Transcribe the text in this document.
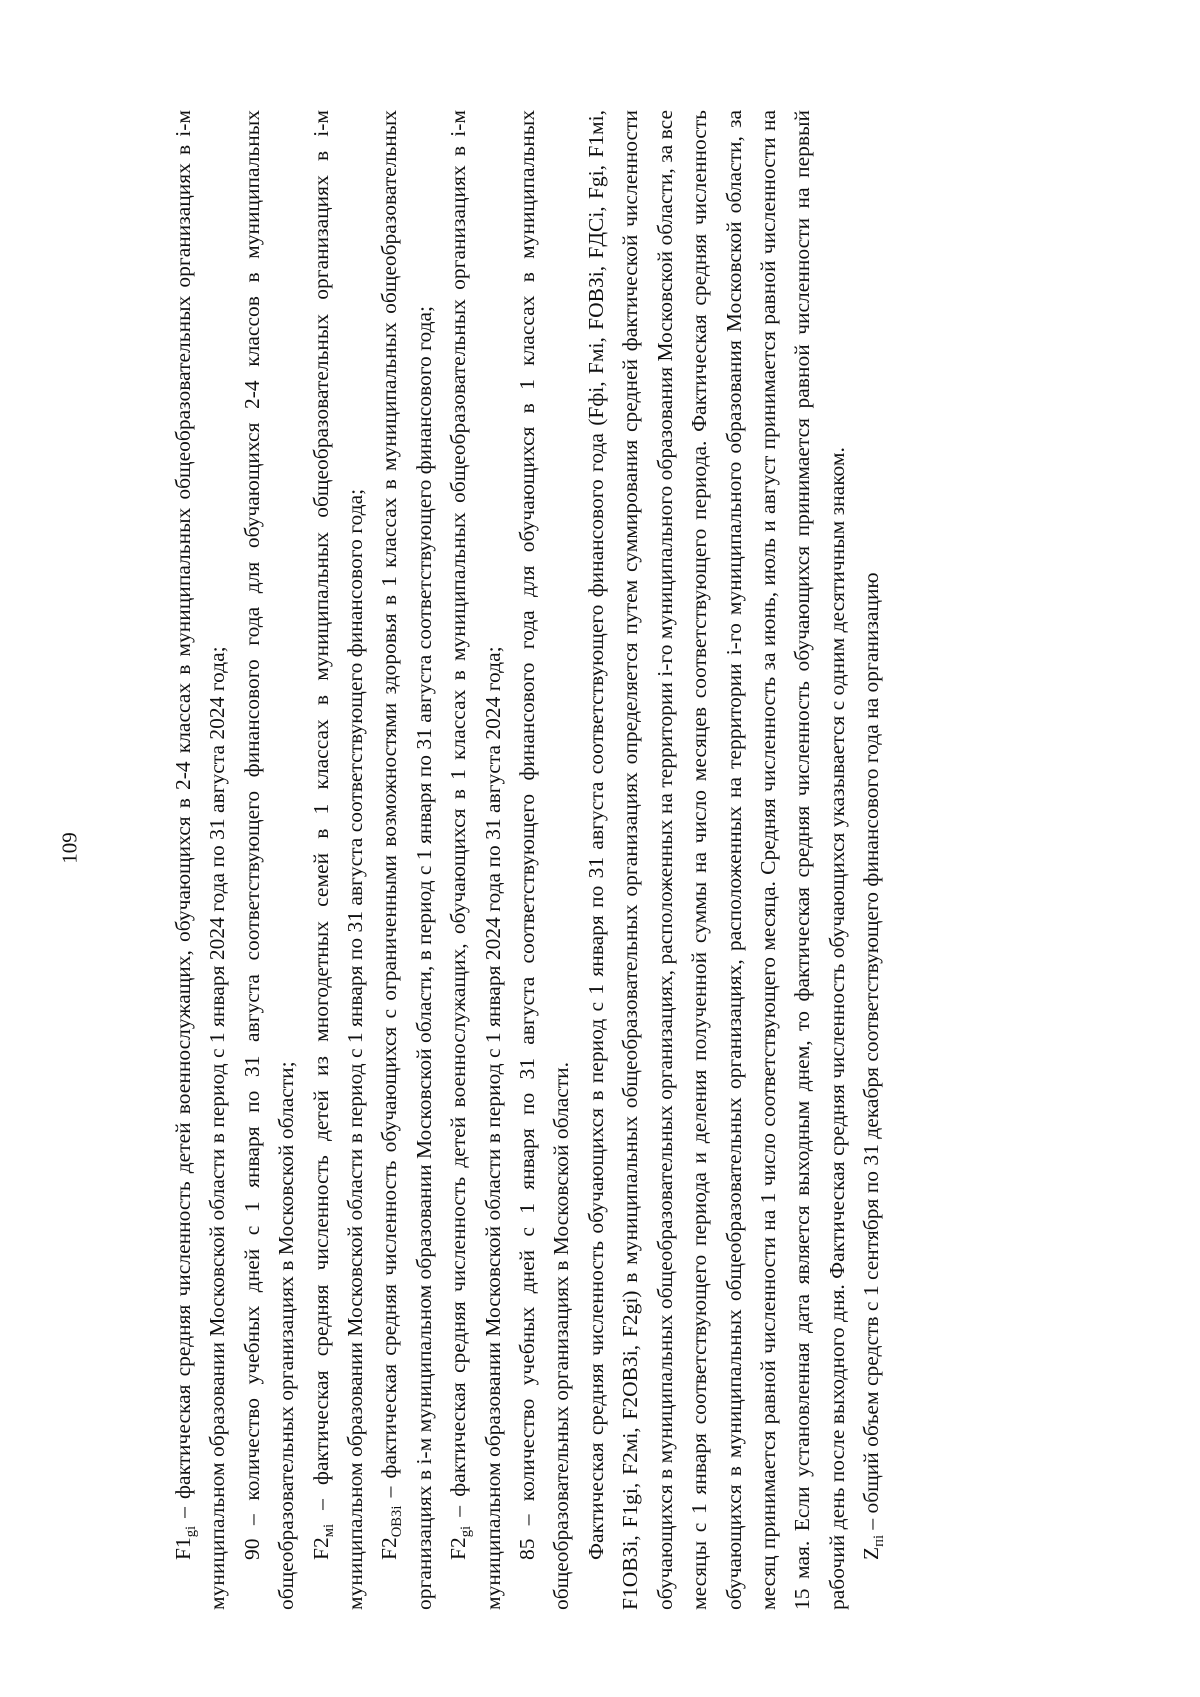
109

$F1_{gi}$ – фактическая средняя численность детей военнослужащих, обучающихся в 2-4 классах в муниципальных общеобразовательных организациях в i-м муниципальном образовании Московской области в период с 1 января 2024 года по 31 августа 2024 года; 90 – количество учебных дней с 1 января по 31 августа соответствующего финансового года для обучающихся 2-4 классов в муниципальных общеобразовательных организациях в Московской области; $F2_{мi}$ – фактическая средняя численность детей из многодетных семей в 1 классах в муниципальных общеобразовательных организациях в i-м муниципальном образовании Московской области в период с 1 января по 31 августа соответствующего финансового года; $F2_{ОВЗi}$ – фактическая средняя численность обучающихся с ограниченными возможностями здоровья в 1 классах в муниципальных общеобразовательных организациях в i-м муниципальном образовании Московской области, в период с 1 января по 31 августа соответствующего финансового года; $F2_{gi}$ – фактическая средняя численность детей военнослужащих, обучающихся в 1 классах в муниципальных общеобразовательных организациях в i-м муниципальном образовании Московской области в период с 1 января 2024 года по 31 августа 2024 года; 85 – количество учебных дней с 1 января по 31 августа соответствующего финансового года для обучающихся в 1 классах в муниципальных общеобразовательных организациях в Московской области. Фактическая средняя численность обучающихся в период с 1 января по 31 августа соответствующего финансового года (Fфi, Fмi, FОВЗi, FДСi, Fgi, F1мi, F1ОВЗi, F1gi, F2мi, F2ОВЗi, F2gi) в муниципальных общеобразовательных организациях определяется путем суммирования средней фактической численности обучающихся в муниципальных общеобразовательных организациях, расположенных на территории i-го муниципального образования Московской области, за все месяцы с 1 января соответствующего периода и деления полученной суммы на число месяцев соответствующего периода. Фактическая средняя численность обучающихся в муниципальных общеобразовательных организациях, расположенных на территории i-го муниципального образования Московской области, за месяц принимается равной численности на 1 число соответствующего месяца. Средняя численность за июнь, июль и август принимается равной численности на 15 мая. Если установленная дата является выходным днем, то фактическая средняя численность обучающихся принимается равной численности на первый рабочий день после выходного дня. Фактическая средняя численность обучающихся указывается с одним десятичным знаком. $Z_{пi}$ – общий объем средств с 1 сентября по 31 декабря соответствующего финансового года на организацию
